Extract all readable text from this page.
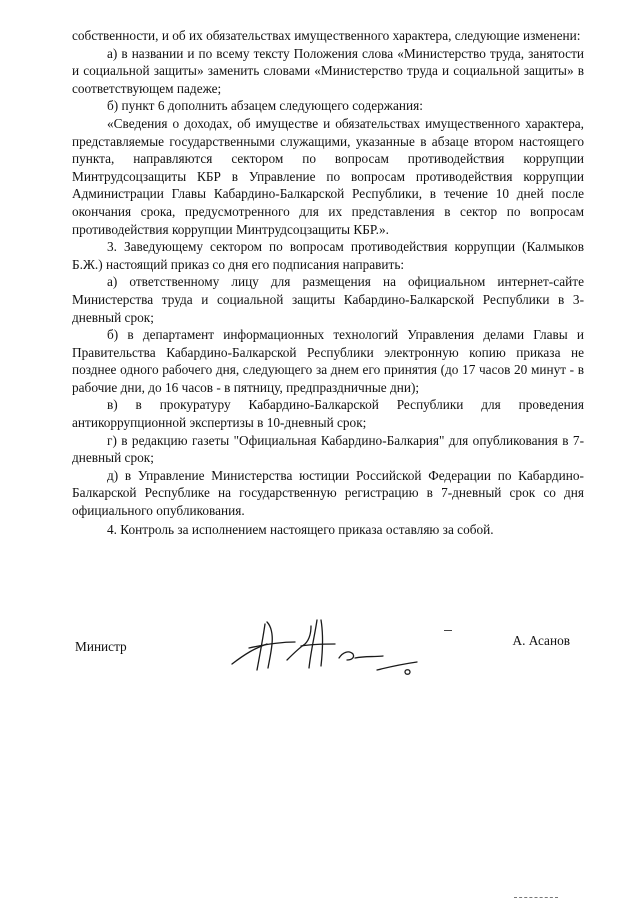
собственности, и об их обязательствах имущественного характера, следующие изменени:

а) в названии и по всему тексту Положения слова «Министерство труда, занятости и социальной защиты» заменить словами «Министерство труда и социальной защиты» в соответствующем падеже;

б) пункт 6 дополнить абзацем следующего содержания:

«Сведения о доходах, об имуществе и обязательствах имущественного характера, представляемые государственными служащими, указанные в абзаце втором настоящего пункта, направляются сектором по вопросам противодействия коррупции Минтрудсоцзащиты КБР в Управление по вопросам противодействия коррупции Администрации Главы Кабардино-Балкарской Республики, в течение 10 дней после окончания срока, предусмотренного для их представления в сектор по вопросам противодействия коррупции Минтрудсоцзащиты КБР.».

3. Заведующему сектором по вопросам противодействия коррупции (Калмыков Б.Ж.) настоящий приказ со дня его подписания направить:

а) ответственному лицу для размещения на официальном интернет-сайте Министерства труда и социальной защиты Кабардино-Балкарской Республики в 3-дневный срок;

б) в департамент информационных технологий Управления делами Главы и Правительства Кабардино-Балкарской Республики электронную копию приказа не позднее одного рабочего дня, следующего за днем его принятия (до 17 часов 20 минут - в рабочие дни, до 16 часов - в пятницу, предпраздничные дни);

в) в прокуратуру Кабардино-Балкарской Республики для проведения антикоррупционной экспертизы в 10-дневный срок;

г) в редакцию газеты "Официальная Кабардино-Балкария" для опубликования в 7-дневный срок;

д) в Управление Министерства юстиции Российской Федерации по Кабардино-Балкарской Республике на государственную регистрацию в 7-дневный срок со дня официального опубликования.

4. Контроль за исполнением настоящего приказа оставляю за собой.

Министр	А. Асанов
